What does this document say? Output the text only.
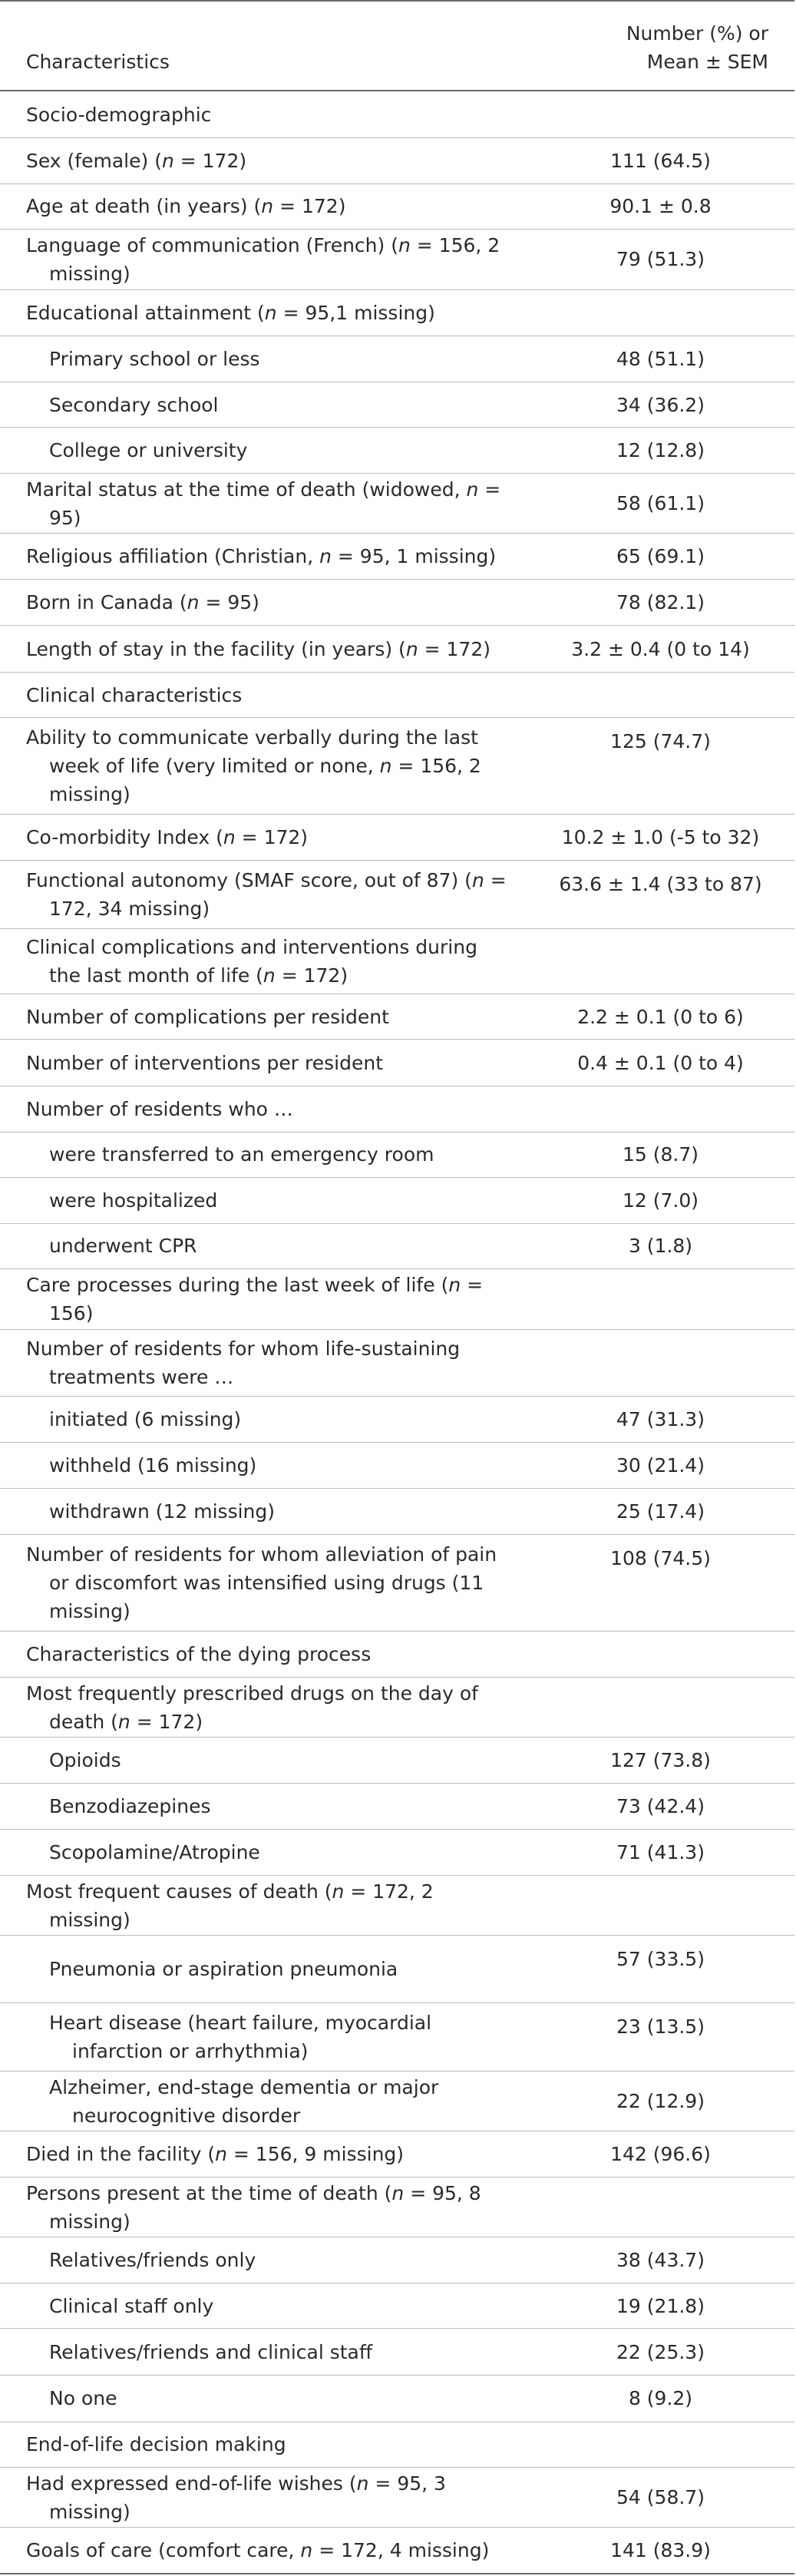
Characteristics	Number (%) or
Mean ± SEM

Socio-demographic	

Sex (female) (n = 172)	111 (64.5)

Age at death (in years) (n = 172)	90.1 ± 0.8

Language of communication (French) (n = 156, 2 missing)	79 (51.3)

Educational attainment (n = 95,1 missing)	

Primary school or less	48 (51.1)

Secondary school	34 (36.2)

College or university	12 (12.8)

Marital status at the time of death (widowed, n = 95)	58 (61.1)

Religious affiliation (Christian, n = 95, 1 missing)	65 (69.1)

Born in Canada (n = 95)	78 (82.1)

Length of stay in the facility (in years) (n = 172)	3.2 ± 0.4 (0 to 14)

Clinical characteristics	

Ability to communicate verbally during the last week of life (very limited or none, n = 156, 2 missing)	125 (74.7)

Co-morbidity Index (n = 172)	10.2 ± 1.0 (-5 to 32)

Functional autonomy (SMAF score, out of 87) (n = 172, 34 missing)	63.6 ± 1.4 (33 to 87)

Clinical complications and interventions during the last month of life (n = 172)	

Number of complications per resident	2.2 ± 0.1 (0 to 6)

Number of interventions per resident	0.4 ± 0.1 (0 to 4)

Number of residents who …	

were transferred to an emergency room	15 (8.7)

were hospitalized	12 (7.0)

underwent CPR	3 (1.8)

Care processes during the last week of life (n = 156)	

Number of residents for whom life-sustaining treatments were …	

initiated (6 missing)	47 (31.3)

withheld (16 missing)	30 (21.4)

withdrawn (12 missing)	25 (17.4)

Number of residents for whom alleviation of pain or discomfort was intensified using drugs (11 missing)	108 (74.5)

Characteristics of the dying process	

Most frequently prescribed drugs on the day of death (n = 172)	

Opioids	127 (73.8)

Benzodiazepines	73 (42.4)

Scopolamine/Atropine	71 (41.3)

Most frequent causes of death (n = 172, 2 missing)	

Pneumonia or aspiration pneumonia	57 (33.5)

Heart disease (heart failure, myocardial infarction or arrhythmia)	23 (13.5)

Alzheimer, end-stage dementia or major neurocognitive disorder	22 (12.9)

Died in the facility (n = 156, 9 missing)	142 (96.6)

Persons present at the time of death (n = 95, 8 missing)	

Relatives/friends only	38 (43.7)

Clinical staff only	19 (21.8)

Relatives/friends and clinical staff	22 (25.3)

No one	8 (9.2)

End-of-life decision making	

Had expressed end-of-life wishes (n = 95, 3 missing)	54 (58.7)

Goals of care (comfort care, n = 172, 4 missing)	141 (83.9)
